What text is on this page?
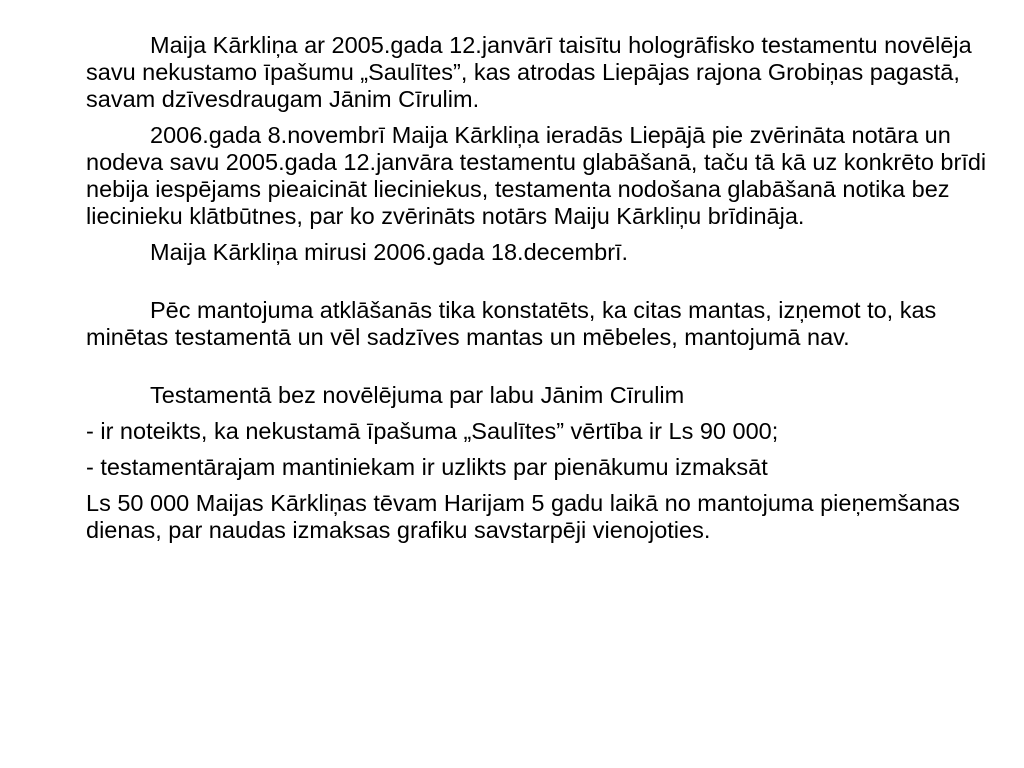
Maija Kārkliņa ar 2005.gada 12.janvārī taisītu hologrāfisko testamentu novēlēja savu nekustamo īpašumu „Saulītes”, kas atrodas Liepājas rajona Grobiņas pagastā, savam dzīvesdraugam Jānim Cīrulim.

2006.gada 8.novembrī Maija Kārkliņa ieradās Liepājā pie zvērināta notāra un nodeva savu 2005.gada 12.janvāra testamentu glabāšanā, taču tā kā uz konkrēto brīdi nebija iespējams pieaicināt lieciniekus, testamenta nodošana glabāšanā notika bez liecinieku klātbūtnes, par ko zvērināts notārs Maiju Kārkliņu brīdināja.

Maija Kārkliņa mirusi 2006.gada 18.decembrī.

Pēc mantojuma atklāšanās tika konstatēts, ka citas mantas, izņemot to, kas minētas testamentā un vēl sadzīves mantas un mēbeles, mantojumā nav.

Testamentā bez novēlējuma par labu Jānim Cīrulim

- ir noteikts, ka nekustamā īpašuma „Saulītes” vērtība ir Ls 90 000;

- testamentārajam mantiniekam ir uzlikts par pienākumu izmaksāt

Ls 50 000 Maijas Kārkliņas tēvam Harijam 5 gadu laikā no mantojuma pieņemšanas dienas, par naudas izmaksas grafiku savstarpēji vienojoties.
